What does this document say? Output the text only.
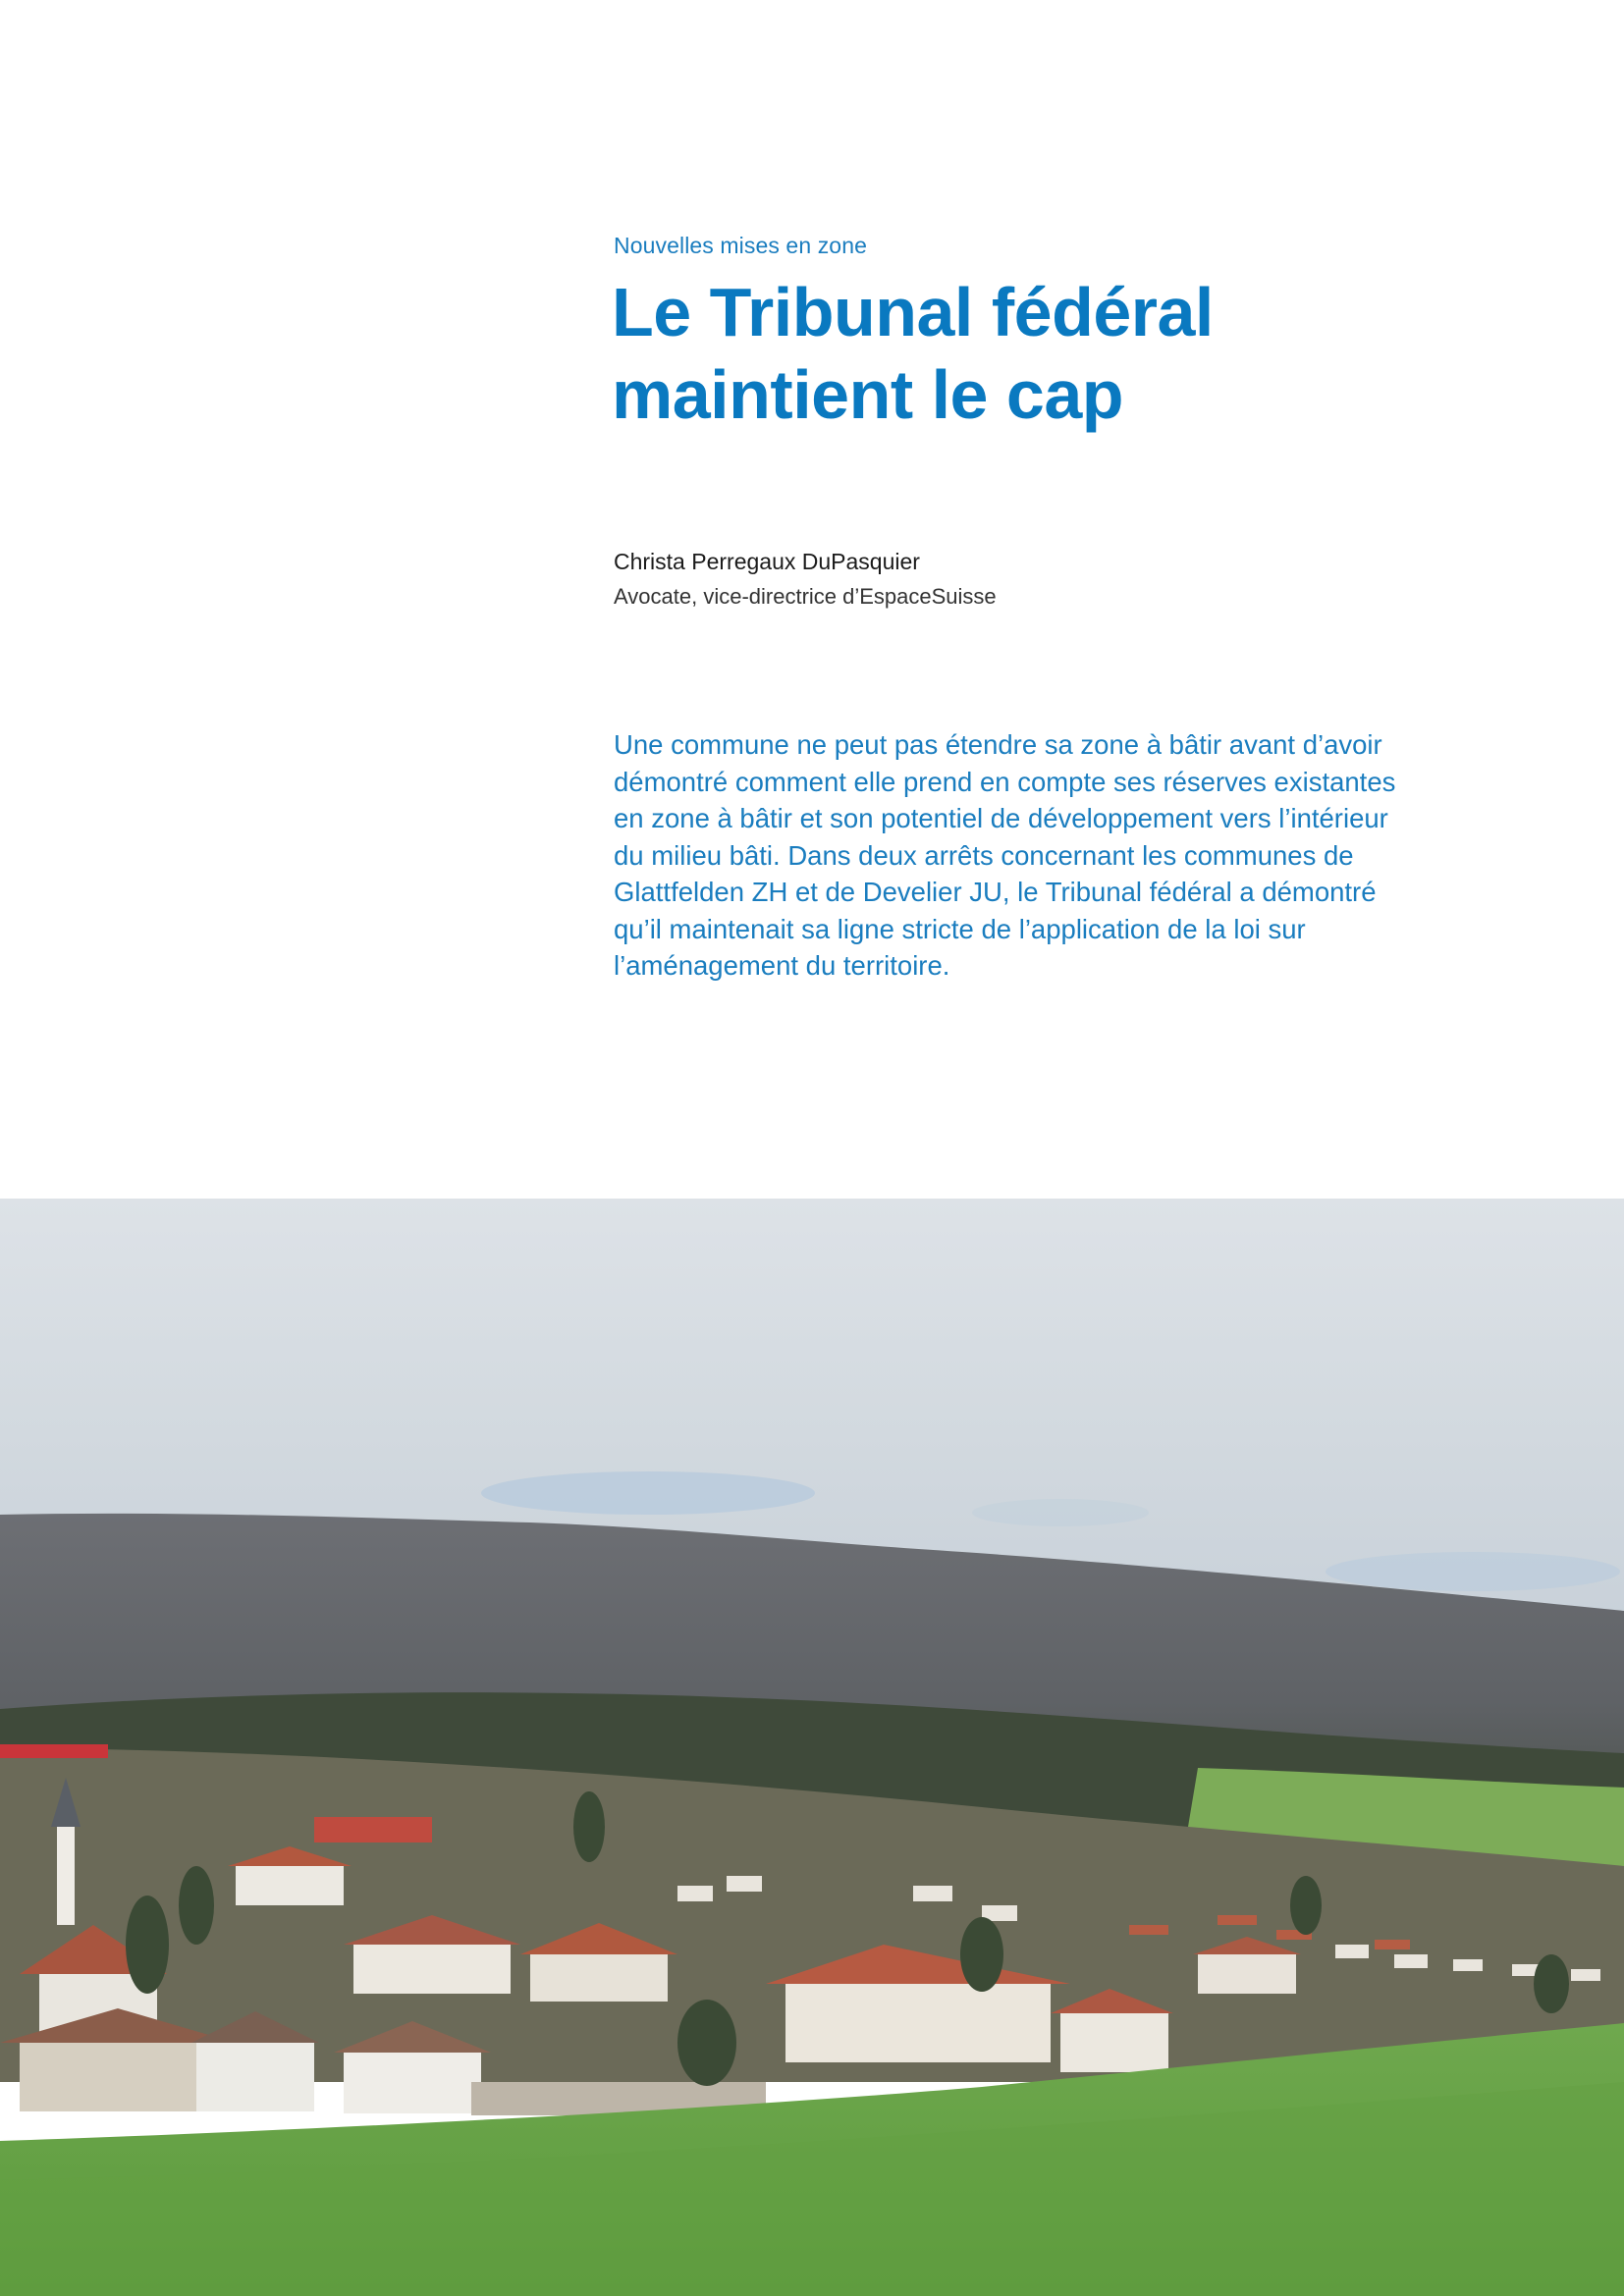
Nouvelles mises en zone
Le Tribunal fédéral maintient le cap
Christa Perregaux DuPasquier
Avocate, vice-directrice d’EspaceSuisse

Une commune ne peut pas étendre sa zone à bâtir avant d’avoir démontré comment elle prend en compte ses réserves existantes en zone à bâtir et son potentiel de développement vers l’intérieur du milieu bâti. Dans deux arrêts concernant les communes de Glattfelden ZH et de Develier JU, le Tribunal fédéral a démontré qu’il maintenait sa ligne stricte de l’application de la loi sur l’aménagement du territoire.
